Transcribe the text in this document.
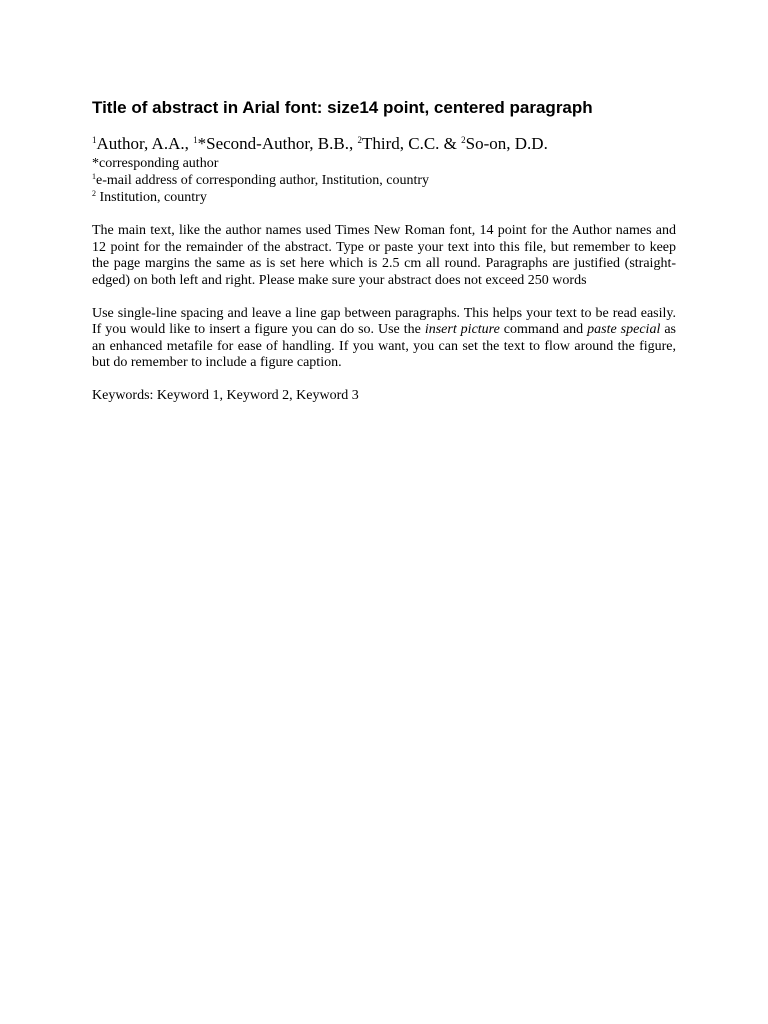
Title of abstract in Arial font: size14 point, centered paragraph

$^1$Author, A.A., $^1$*Second-Author, B.B., $^2$Third, C.C. & $^2$So-on, D.D.

*corresponding author

$^1$e-mail address of corresponding author, Institution, country

$^2$ Institution, country

The main text, like the author names used Times New Roman font, 14 point for the Author names and 12 point for the remainder of the abstract. Type or paste your text into this file, but remember to keep the page margins the same as is set here which is 2.5 cm all round. Paragraphs are justified (straight-edged) on both left and right. Please make sure your abstract does not exceed 250 words

Use single-line spacing and leave a line gap between paragraphs. This helps your text to be read easily. If you would like to insert a figure you can do so. Use the insert picture command and paste special as an enhanced metafile for ease of handling. If you want, you can set the text to flow around the figure, but do remember to include a figure caption.

Keywords: Keyword 1, Keyword 2, Keyword 3
